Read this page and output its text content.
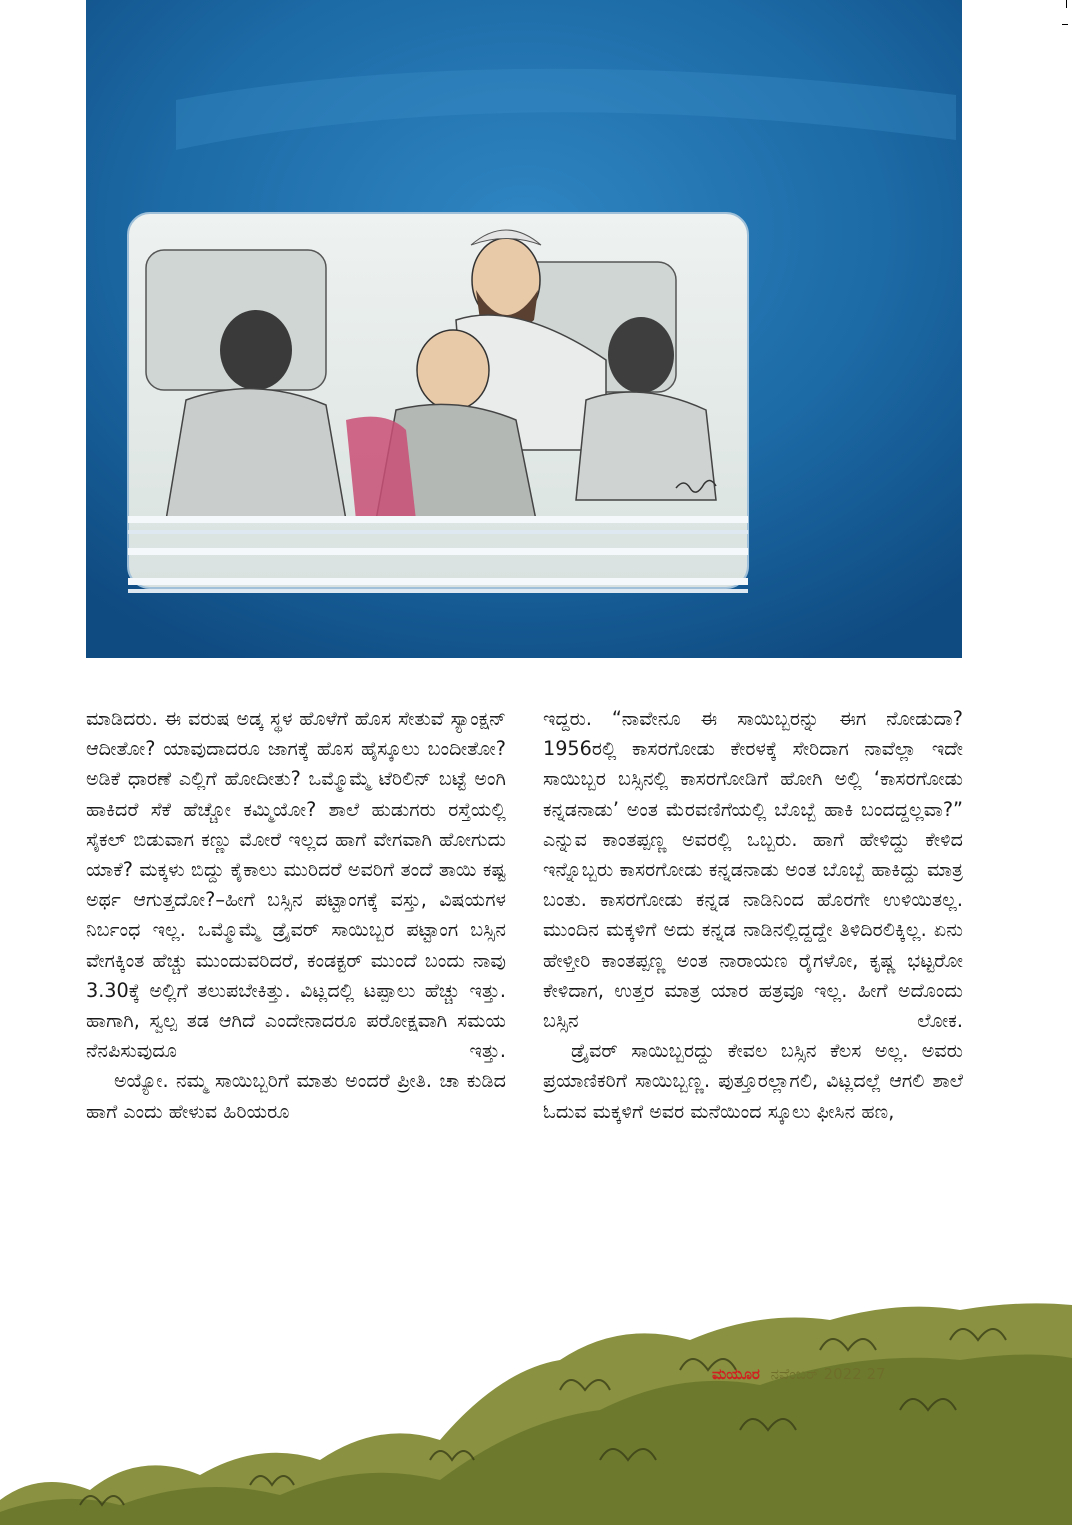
ಮಾಡಿದರು. ಈ ವರುಷ ಅಡ್ಕ ಸ್ಥಳ ಹೊಳೆಗೆ ಹೊಸ ಸೇತುವೆ ಸ್ಯಾಂಕ್ಷನ್ ಆದೀತೋ? ಯಾವುದಾದರೂ ಜಾಗಕ್ಕೆ ಹೊಸ ಹೈಸ್ಕೂಲು ಬಂದೀತೋ? ಅಡಿಕೆ ಧಾರಣೆ ಎಲ್ಲಿಗೆ ಹೋದೀತು? ಒಮ್ಮೊಮ್ಮೆ ಟೆರಿಲಿನ್ ಬಟ್ಟೆ ಅಂಗಿ ಹಾಕಿದರೆ ಸೆಕೆ ಹೆಚ್ಚೋ ಕಮ್ಮಿಯೋ? ಶಾಲೆ ಹುಡುಗರು ರಸ್ತೆಯಲ್ಲಿ ಸೈಕಲ್ ಬಿಡುವಾಗ ಕಣ್ಣು ಮೋರೆ ಇಲ್ಲದ ಹಾಗೆ ವೇಗವಾಗಿ ಹೋಗುದು ಯಾಕೆ? ಮಕ್ಕಳು ಬಿದ್ದು ಕೈಕಾಲು ಮುರಿದರೆ ಅವರಿಗೆ ತಂದೆ ತಾಯಿ ಕಷ್ಟ ಅರ್ಥ ಆಗುತ್ತದೋ?–ಹೀಗೆ ಬಸ್ಸಿನ ಪಟ್ಟಾಂಗಕ್ಕೆ ವಸ್ತು, ವಿಷಯಗಳ ನಿರ್ಬಂಧ ಇಲ್ಲ. ಒಮ್ಮೊಮ್ಮೆ ಡ್ರೈವರ್ ಸಾಯಿಬ್ಬರ ಪಟ್ಟಾಂಗ ಬಸ್ಸಿನ ವೇಗಕ್ಕಿಂತ ಹೆಚ್ಚು ಮುಂದುವರಿದರೆ, ಕಂಡಕ್ಟರ್ ಮುಂದೆ ಬಂದು ನಾವು 3.30ಕ್ಕೆ ಅಲ್ಲಿಗೆ ತಲುಪಬೇಕಿತ್ತು. ವಿಟ್ಲದಲ್ಲಿ ಟಪ್ಪಾಲು ಹೆಚ್ಚು ಇತ್ತು. ಹಾಗಾಗಿ, ಸ್ವಲ್ಪ ತಡ ಆಗಿದೆ ಎಂದೇನಾದರೂ ಪರೋಕ್ಷವಾಗಿ ಸಮಯ ನೆನಪಿಸುವುದೂ ಇತ್ತು.

ಅಯ್ಯೋ. ನಮ್ಮ ಸಾಯಿಬ್ಬರಿಗೆ ಮಾತು ಅಂದರೆ ಪ್ರೀತಿ. ಚಾ ಕುಡಿದ ಹಾಗೆ ಎಂದು ಹೇಳುವ ಹಿರಿಯರೂ

ಇದ್ದರು. “ನಾವೇನೂ ಈ ಸಾಯಿಬ್ಬರನ್ನು ಈಗ ನೋಡುದಾ? 1956ರಲ್ಲಿ ಕಾಸರಗೋಡು ಕೇರಳಕ್ಕೆ ಸೇರಿದಾಗ ನಾವೆಲ್ಲಾ ಇದೇ ಸಾಯಿಬ್ಬರ ಬಸ್ಸಿನಲ್ಲಿ ಕಾಸರಗೋಡಿಗೆ ಹೋಗಿ ಅಲ್ಲಿ ‘ಕಾಸರಗೋಡು ಕನ್ನಡನಾಡು’ ಅಂತ ಮೆರವಣಿಗೆಯಲ್ಲಿ ಬೊಬ್ಬೆ ಹಾಕಿ ಬಂದದ್ದಲ್ಲವಾ?” ಎನ್ನುವ ಕಾಂತಪ್ಪಣ್ಣ ಅವರಲ್ಲಿ ಒಬ್ಬರು. ಹಾಗೆ ಹೇಳಿದ್ದು ಕೇಳಿದ ಇನ್ನೊಬ್ಬರು ಕಾಸರಗೋಡು ಕನ್ನಡನಾಡು ಅಂತ ಬೊಬ್ಬೆ ಹಾಕಿದ್ದು ಮಾತ್ರ ಬಂತು. ಕಾಸರಗೋಡು ಕನ್ನಡ ನಾಡಿನಿಂದ ಹೊರಗೇ ಉಳಿಯಿತಲ್ಲ. ಮುಂದಿನ ಮಕ್ಕಳಿಗೆ ಅದು ಕನ್ನಡ ನಾಡಿನಲ್ಲಿದ್ದದ್ದೇ ತಿಳಿದಿರಲಿಕ್ಕಿಲ್ಲ. ಏನು ಹೇಳ್ತೀರಿ ಕಾಂತಪ್ಪಣ್ಣ ಅಂತ ನಾರಾಯಣ ರೈಗಳೋ, ಕೃಷ್ಣ ಭಟ್ಟರೋ ಕೇಳಿದಾಗ, ಉತ್ತರ ಮಾತ್ರ ಯಾರ ಹತ್ರವೂ ಇಲ್ಲ. ಹೀಗೆ ಅದೊಂದು ಬಸ್ಸಿನ ಲೋಕ.

ಡ್ರೈವರ್ ಸಾಯಿಬ್ಬರದ್ದು ಕೇವಲ ಬಸ್ಸಿನ ಕೆಲಸ ಅಲ್ಲ. ಅವರು ಪ್ರಯಾಣಿಕರಿಗೆ ಸಾಯಿಬ್ಬಣ್ಣ. ಪುತ್ತೂರಲ್ಲಾಗಲಿ, ವಿಟ್ಲದಲ್ಲೆ ಆಗಲಿ ಶಾಲೆ ಓದುವ ಮಕ್ಕಳಿಗೆ ಅವರ ಮನೆಯಿಂದ ಸ್ಕೂಲು ಫೀಸಿನ ಹಣ,

ಮಯೂರ ನವೆಂಬರ್ 2022 27
